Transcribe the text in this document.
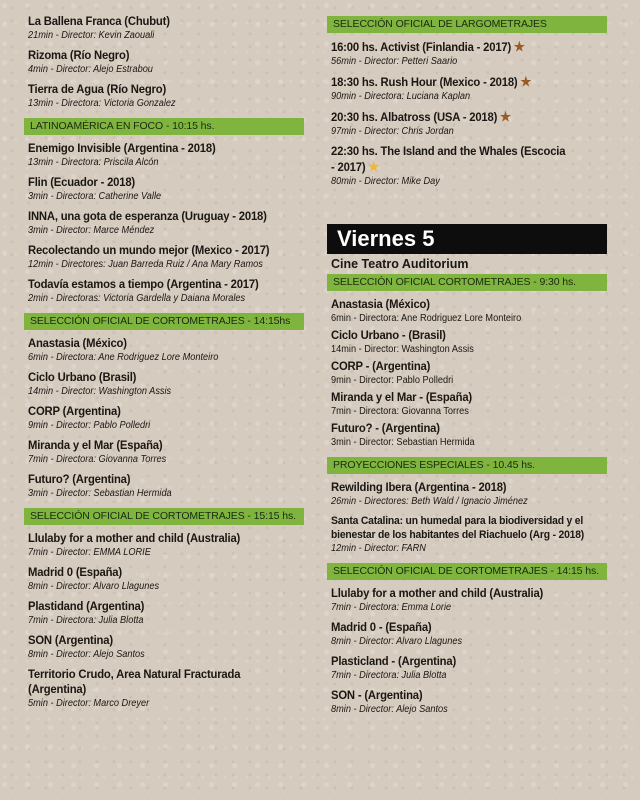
La Ballena Franca (Chubut)
21min - Director: Kevin Zaouali
Rizoma (Río Negro)
4min - Director: Alejo Estrabou
Tierra de Agua (Río Negro)
13min - Directora: Victoria Gonzalez
LATINOAMÉRICA EN FOCO - 10:15 hs.
Enemigo Invisible (Argentina - 2018)
13min - Directora: Priscila Alcón
Flin (Ecuador - 2018)
3min - Directora: Catherine Valle
INNA, una gota de esperanza (Uruguay - 2018)
3min - Director: Marce Méndez
Recolectando un mundo mejor (Mexico - 2017)
12min - Directores: Juan Barreda Ruiz / Ana Mary Ramos
Todavía estamos a tiempo (Argentina - 2017)
2min - Directoras: Victoria Gardella y Daiana Morales
SELECCIÓN OFICIAL DE CORTOMETRAJES - 14:15hs
Anastasia (México)
6min - Directora: Ane Rodriguez Lore Monteiro
Ciclo Urbano (Brasil)
14min - Director: Washington Assis
CORP (Argentina)
9min - Director: Pablo Polledri
Miranda y el Mar (España)
7min - Directora: Giovanna Torres
Futuro? (Argentina)
3min - Director: Sebastian Hermida
SELECCIÓN OFICIAL DE CORTOMETRAJES - 15:15 hs.
Llulaby for a mother and child (Australia)
7min - Director: EMMA LORIE
Madrid 0 (España)
8min - Director: Alvaro Llagunes
Plastidand (Argentina)
7min - Directora: Julia Blotta
SON (Argentina)
8min - Director: Alejo Santos
Territorio Crudo, Area Natural Fracturada (Argentina)
5min - Director: Marco Dreyer
SELECCIÓN OFICIAL DE LARGOMETRAJES
16:00 hs. Activist (Finlandia - 2017) ★
56min - Director: Petteri Saario
18:30 hs. Rush Hour (Mexico - 2018) ★
90min - Directora: Luciana Kaplan
20:30 hs. Albatross (USA - 2018) ★
97min - Director: Chris Jordan
22:30 hs. The Island and the Whales (Escocia - 2017) ★
80min - Director: Mike Day
Viernes 5
Cine Teatro Auditorium
SELECCIÓN OFICIAL CORTOMETRAJES - 9:30 hs.
Anastasia (México)
6min - Directora: Ane Rodriguez Lore Monteiro
Ciclo Urbano - (Brasil)
14min - Director: Washington Assis
CORP - (Argentina)
9min - Director: Pablo Polledri
Miranda y el Mar - (España)
7min - Directora: Giovanna Torres
Futuro? - (Argentina)
3min - Director: Sebastian Hermida
PROYECCIONES ESPECIALES - 10.45 hs.
Rewilding Ibera (Argentina - 2018)
26min - Directores: Beth Wald / Ignacio Jiménez
Santa Catalina: un humedal para la biodiversidad y el bienestar de los habitantes del Riachuelo (Arg - 2018)
12min - Director: FARN
SELECCIÓN OFICIAL DE CORTOMETRAJES - 14:15 hs.
Llulaby for a mother and child (Australia)
7min - Directora: Emma Lorie
Madrid 0 - (España)
8min - Director: Alvaro Llagunes
Plasticland - (Argentina)
7min - Directora: Julia Blotta
SON - (Argentina)
8min - Director: Alejo Santos
